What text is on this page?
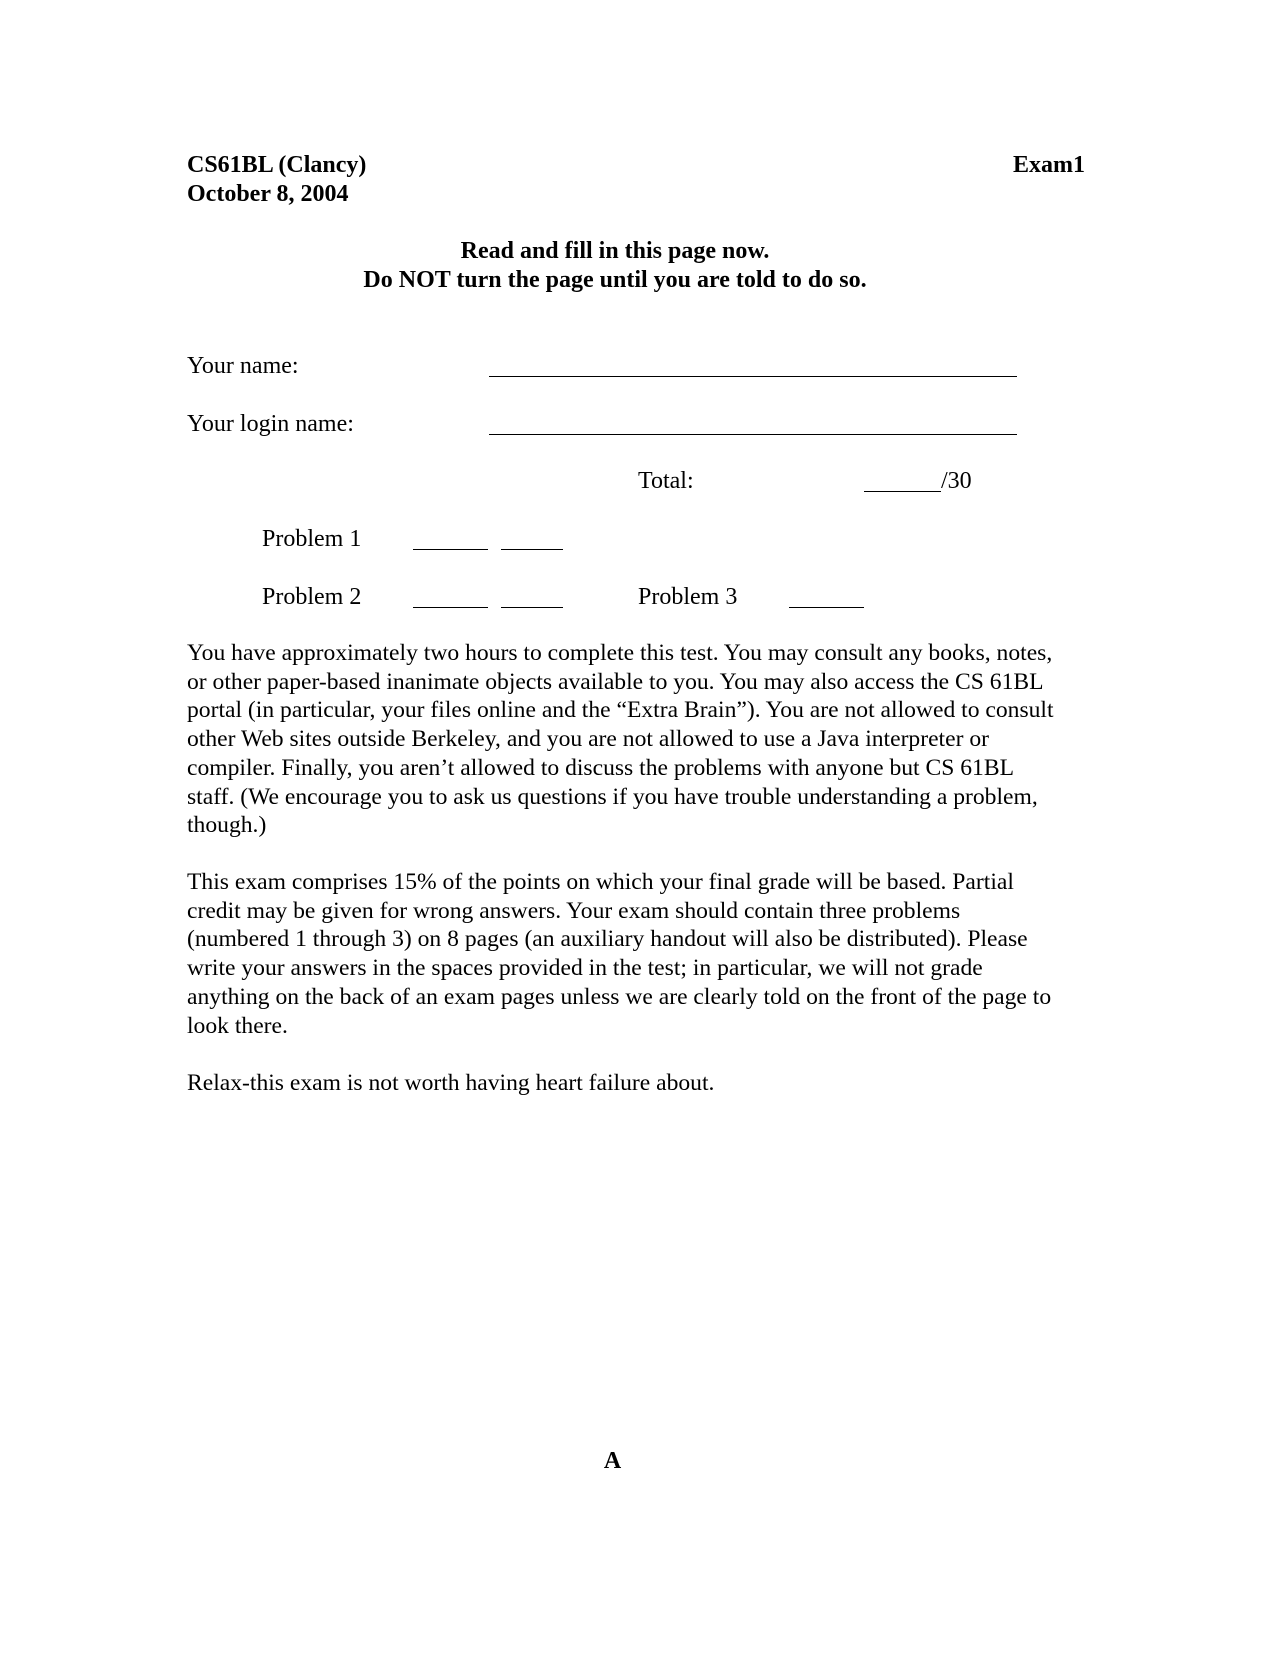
CS61BL (Clancy)	Exam1
October 8, 2004
Read and fill in this page now.
Do NOT turn the page until you are told to do so.
Your name:
Your login name:
Total:	/30
Problem 1
Problem 2	Problem 3
You have approximately two hours to complete this test. You may consult any books, notes, or other paper-based inanimate objects available to you. You may also access the CS 61BL portal (in particular, your files online and the “Extra Brain”). You are not allowed to consult other Web sites outside Berkeley, and you are not allowed to use a Java interpreter or compiler. Finally, you aren’t allowed to discuss the problems with anyone but CS 61BL staff. (We encourage you to ask us questions if you have trouble understanding a problem, though.)
This exam comprises 15% of the points on which your final grade will be based. Partial credit may be given for wrong answers. Your exam should contain three problems (numbered 1 through 3) on 8 pages (an auxiliary handout will also be distributed). Please write your answers in the spaces provided in the test; in particular, we will not grade anything on the back of an exam pages unless we are clearly told on the front of the page to look there.
Relax-this exam is not worth having heart failure about.
A
